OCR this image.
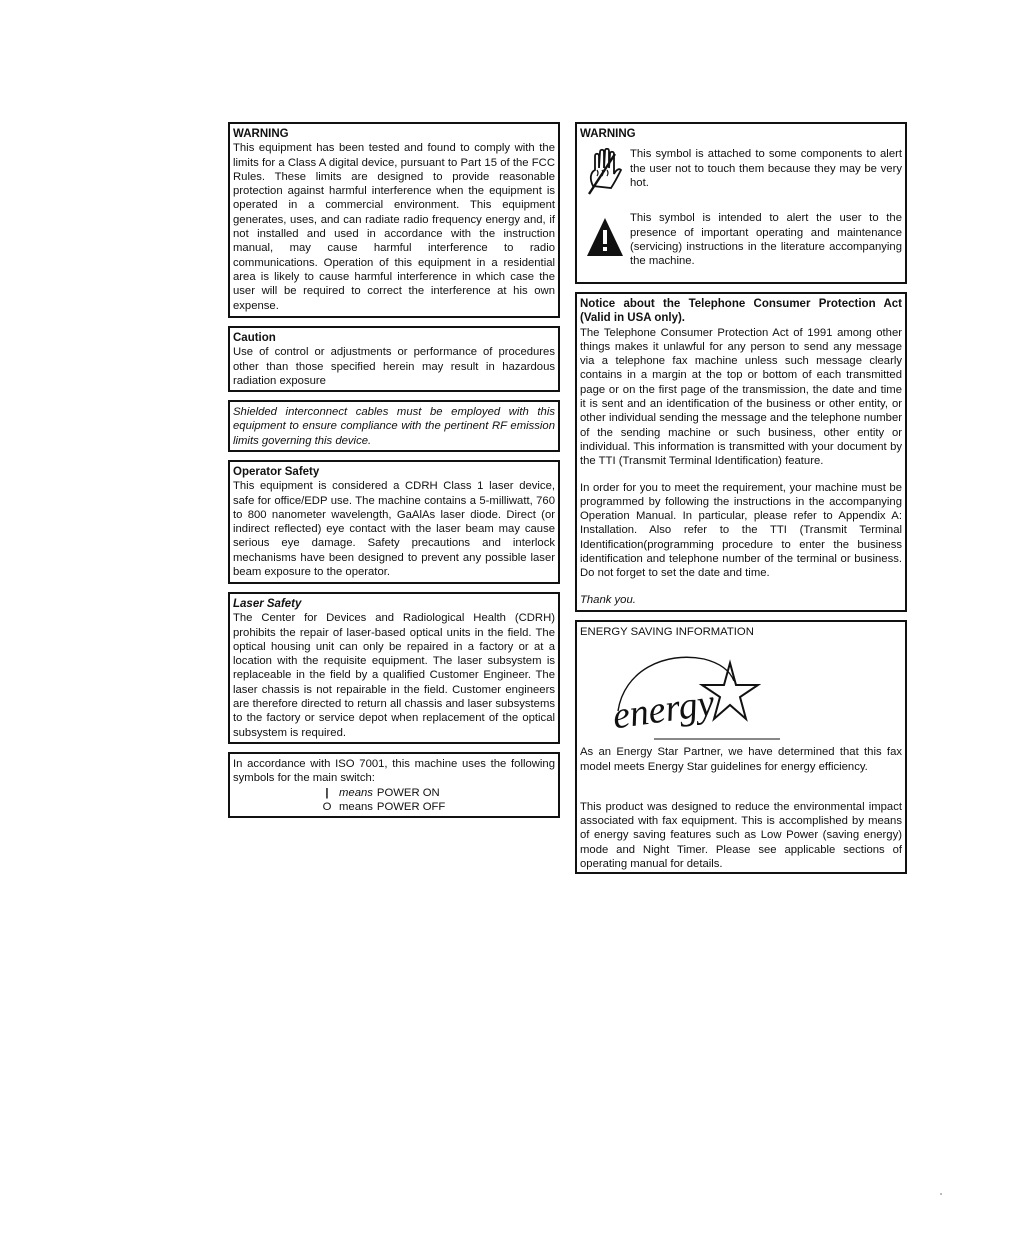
WARNING

This equipment has been tested and found to comply with the limits for a Class A digital device, pursuant to Part 15 of the FCC Rules. These limits are designed to provide reasonable protection against harmful interference when the equipment is operated in a commercial environment. This equipment generates, uses, and can radiate radio frequency energy and, if not installed and used in accordance with the instruction manual, may cause harmful interference to radio communications. Operation of this equipment in a residential area is likely to cause harmful interference in which case the user will be required to correct the interference at his own expense.

Caution

Use of control or adjustments or performance of procedures other than those specified herein may result in hazardous radiation exposure

Shielded interconnect cables must be employed with this equipment to ensure compliance with the pertinent RF emission limits governing this device.

Operator Safety

This equipment is considered a CDRH Class 1 laser device, safe for office/EDP use. The machine contains a 5-milliwatt, 760 to 800 nanometer wavelength, GaAlAs laser diode. Direct (or indirect reflected) eye contact with the laser beam may cause serious eye damage. Safety precautions and interlock mechanisms have been designed to prevent any possible laser beam exposure to the operator.

Laser Safety

The Center for Devices and Radiological Health (CDRH) prohibits the repair of laser-based optical units in the field. The optical housing unit can only be repaired in a factory or at a location with the requisite equipment. The laser subsystem is replaceable in the field by a qualified Customer Engineer. The laser chassis is not repairable in the field. Customer engineers are therefore directed to return all chassis and laser subsystems to the factory or service depot when replacement of the optical subsystem is required.

In accordance with ISO 7001, this machine uses the following symbols for the main switch:

| means POWER ON
O means POWER OFF

WARNING

This symbol is attached to some components to alert the user not to touch them because they may be very hot.

This symbol is intended to alert the user to the presence of important operating and maintenance (servicing) instructions in the literature accompanying the machine.

Notice about the Telephone Consumer Protection Act (Valid in USA only).

The Telephone Consumer Protection Act of 1991 among other things makes it unlawful for any person to send any message via a telephone fax machine unless such message clearly contains in a margin at the top or bottom of each transmitted page or on the first page of the transmission, the date and time it is sent and an identification of the business or other entity, or other individual sending the message and the telephone number of the sending machine or such business, other entity or individual. This information is transmitted with your document by the TTI (Transmit Terminal Identification) feature.

In order for you to meet the requirement, your machine must be programmed by following the instructions in the accompanying Operation Manual. In particular, please refer to Appendix A: Installation. Also refer to the TTI (Transmit Terminal Identification(programming procedure to enter the business identification and telephone number of the terminal or business. Do not forget to set the date and time.

Thank you.

ENERGY SAVING INFORMATION

energy

As an Energy Star Partner, we have determined that this fax model meets Energy Star guidelines for energy efficiency.

This product was designed to reduce the environmental impact associated with fax equipment. This is accomplished by means of energy saving features such as Low Power (saving energy) mode and Night Timer. Please see applicable sections of operating manual for details.
